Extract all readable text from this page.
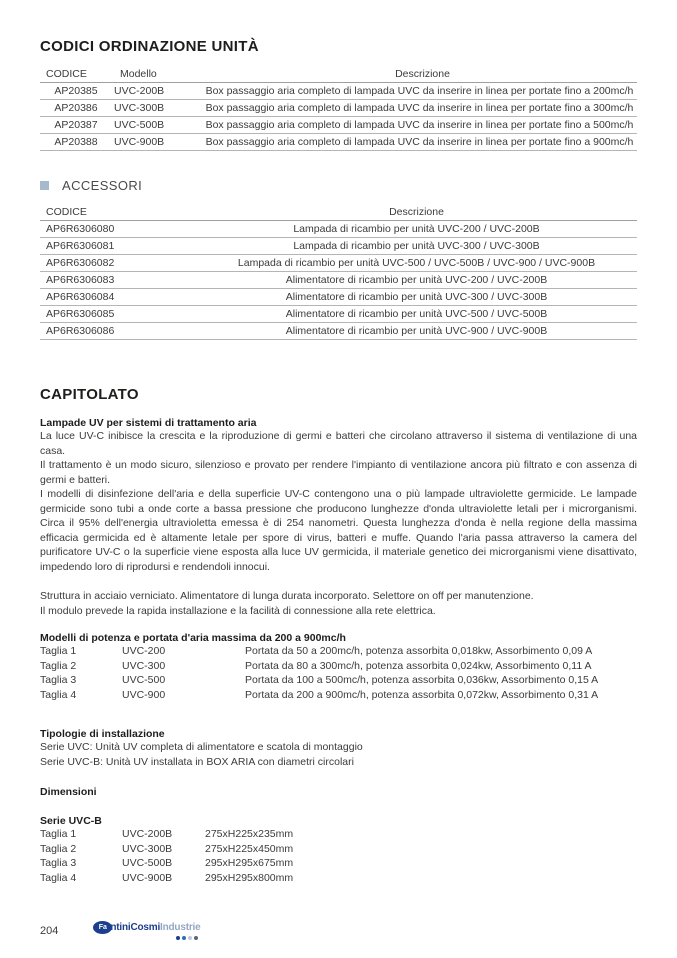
CODICI ORDINAZIONE UNITÀ
CODICE	Modello	Descrizione
AP20385	UVC-200B	Box passaggio aria completo di lampada UVC da inserire in linea per portate fino a 200mc/h
AP20386	UVC-300B	Box passaggio aria completo di lampada UVC da inserire in linea per portate fino a 300mc/h
AP20387	UVC-500B	Box passaggio aria completo di lampada UVC da inserire in linea per portate fino a 500mc/h
AP20388	UVC-900B	Box passaggio aria completo di lampada UVC da inserire in linea per portate fino a 900mc/h
ACCESSORI
CODICE	Descrizione
AP6R6306080	Lampada di ricambio per unità UVC-200 / UVC-200B
AP6R6306081	Lampada di ricambio per unità UVC-300 / UVC-300B
AP6R6306082	Lampada di ricambio per unità UVC-500 / UVC-500B / UVC-900 / UVC-900B
AP6R6306083	Alimentatore di ricambio per unità UVC-200 / UVC-200B
AP6R6306084	Alimentatore di ricambio per unità UVC-300 / UVC-300B
AP6R6306085	Alimentatore di ricambio per unità UVC-500 / UVC-500B
AP6R6306086	Alimentatore di ricambio per unità UVC-900 / UVC-900B
CAPITOLATO
Lampade UV per sistemi di trattamento aria

La luce UV-C inibisce la crescita e la riproduzione di germi e batteri che circolano attraverso il sistema di ventilazione di una casa.

Il trattamento è un modo sicuro, silenzioso e provato per rendere l'impianto di ventilazione ancora più filtrato e con assenza di germi e batteri.

I modelli di disinfezione dell'aria e della superficie UV-C contengono una o più lampade ultraviolette germicide. Le lampade germicide sono tubi a onde corte a bassa pressione che producono lunghezze d'onda ultraviolette letali per i microrganismi. Circa il 95% dell'energia ultravioletta emessa è di 254 nanometri. Questa lunghezza d'onda è nella regione della massima efficacia germicida ed è altamente letale per spore di virus, batteri e muffe. Quando l'aria passa attraverso la camera del purificatore UV-C o la superficie viene esposta alla luce UV germicida, il materiale genetico dei microrganismi viene disattivato, impedendo loro di riprodursi e rendendoli innocui.

Struttura in acciaio verniciato. Alimentatore di lunga durata incorporato. Selettore on off per manutenzione.
Il modulo prevede la rapida installazione e la facilità di connessione alla rete elettrica.
Modelli di potenza e portata d'aria massima da 200 a 900mc/h
Taglia 1	UVC-200	Portata da 50 a 200mc/h, potenza assorbita 0,018kw, Assorbimento 0,09 A
Taglia 2	UVC-300	Portata da 80 a 300mc/h, potenza assorbita 0,024kw, Assorbimento 0,11 A
Taglia 3	UVC-500	Portata da 100 a 500mc/h, potenza assorbita 0,036kw, Assorbimento 0,15 A
Taglia 4	UVC-900	Portata da 200 a 900mc/h, potenza assorbita 0,072kw, Assorbimento 0,31 A
Tipologie di installazione
Serie UVC: Unità UV completa di alimentatore e scatola di montaggio
Serie UVC-B: Unità UV installata in BOX ARIA con diametri circolari
Dimensioni
Serie UVC-B
Taglia 1	UVC-200B	275xH225x235mm
Taglia 2	UVC-300B	275xH225x450mm
Taglia 3	UVC-500B	295xH295x675mm
Taglia 4	UVC-900B	295xH295x800mm
204	Fa ntiniCosmi Industrie
